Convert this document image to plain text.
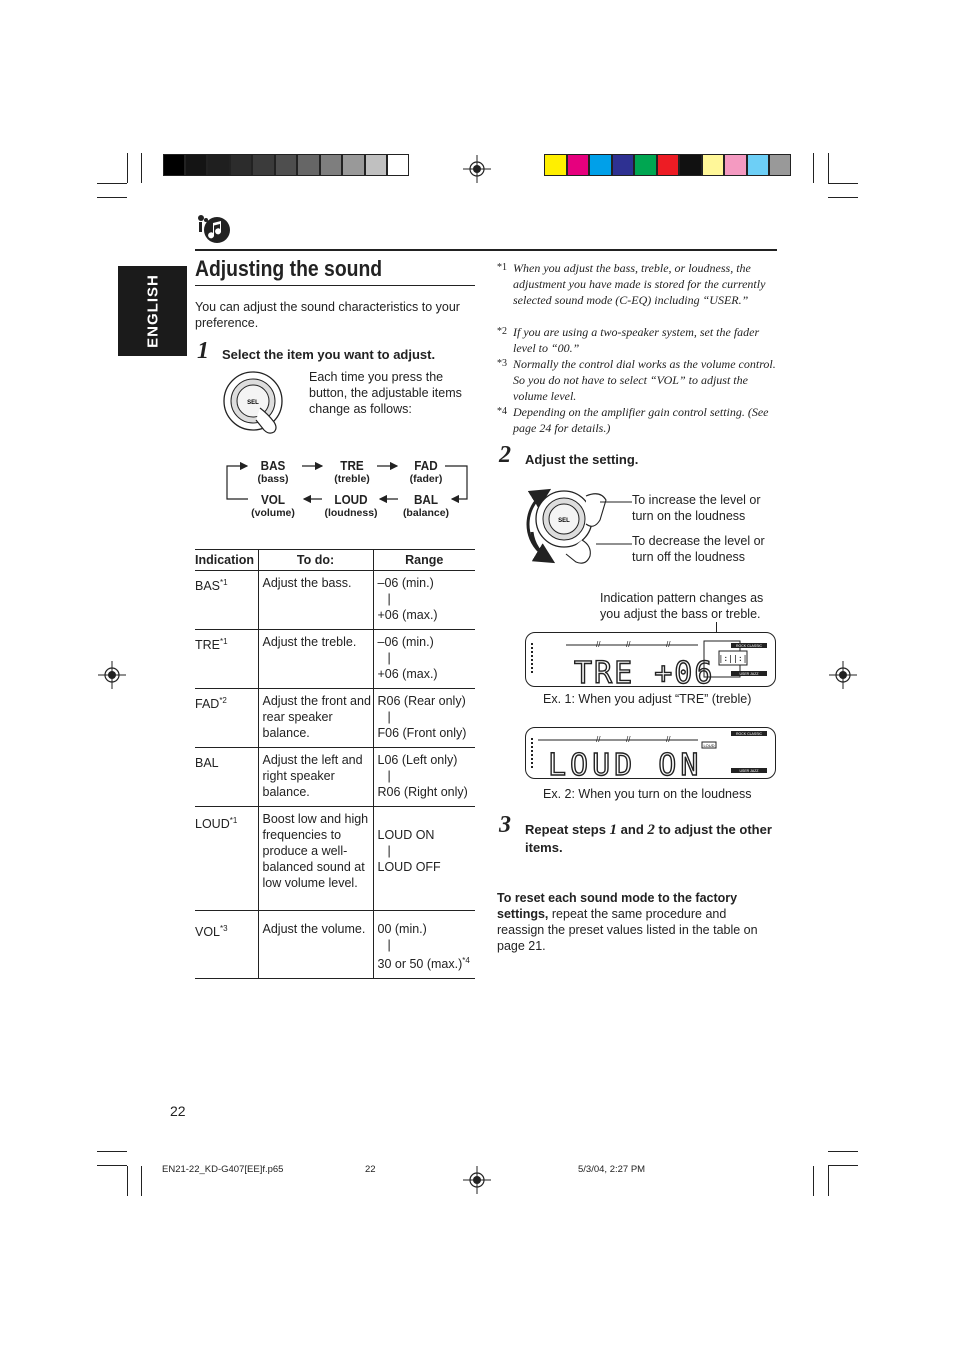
ENGLISH
Adjusting the sound
You can adjust the sound characteristics to your preference.
1 Select the item you want to adjust.
SEL
Each time you press the button, the adjustable items change as follows:
BAS
(bass)
TRE
(treble)
FAD
(fader)
VOL
(volume)
LOUD
(loudness)
BAL
(balance)
Indication	To do:	Range
BAS$^{*1}$	Adjust the bass.	–06 (min.)
|
+06 (max.)
TRE$^{*1}$	Adjust the treble.	–06 (min.)
|
+06 (max.)
FAD$^{*2}$	Adjust the front and rear speaker balance.	R06 (Rear only)
|
F06 (Front only)
BAL	Adjust the left and right speaker balance.	L06 (Left only)
|
R06 (Right only)
LOUD$^{*1}$	Boost low and high frequencies to produce a well-balanced sound at low volume level.	LOUD ON
|
LOUD OFF
VOL$^{*3}$	Adjust the volume.	00 (min.)
|
30 or 50 $(\max.)^{*4}$
*1 When you adjust the bass, treble, or loudness, the adjustment you have made is stored for the currently selected sound mode (C-EQ) including “USER.”
*2 If you are using a two-speaker system, set the fader level to “00.”
*3 Normally the control dial works as the volume control. So you do not have to select “VOL” to adjust the volume level.
*4 Depending on the amplifier gain control setting. (See page 24 for details.)
2 Adjust the setting.
SEL
To increase the level or turn on the loudness
To decrease the level or turn off the loudness
Indication pattern changes as you adjust the bass or treble.
//	//	//
TRE +06 |:||:|
ROCK CLASSIC
USER JAZZ
Ex. 1: When you adjust “TRE” (treble)
//	//	//
LOUD ON
LOUD
ROCK CLASSIC
USER JAZZ
Ex. 2: When you turn on the loudness
3 Repeat steps 1 and 2 to adjust the other items.
To reset each sound mode to the factory settings, repeat the same procedure and reassign the preset values listed in the table on page 21.
22
EN21-22_KD-G407[EE]f.p65	22	5/3/04, 2:27 PM
